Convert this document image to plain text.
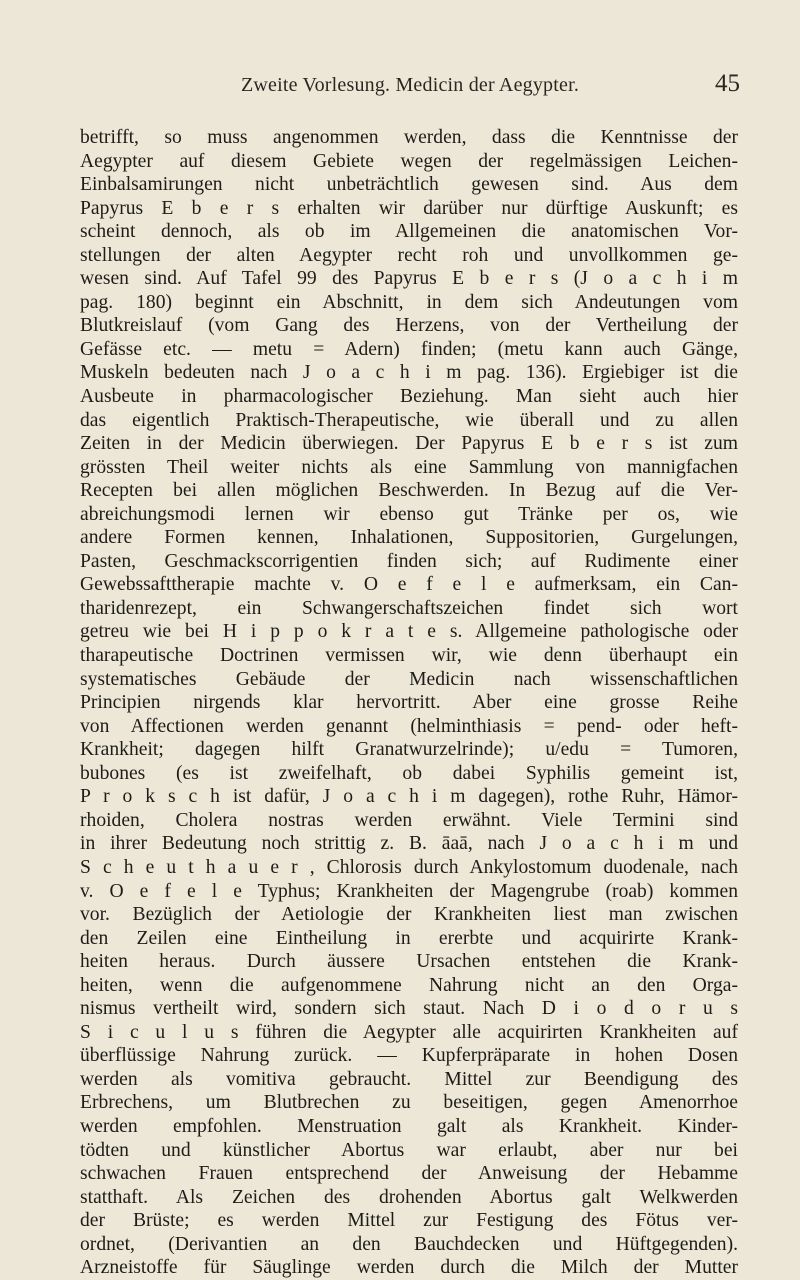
Zweite Vorlesung. Medicin der Aegypter.	45
betrifft, so muss angenommen werden, dass die Kenntnisse der
Aegypter auf diesem Gebiete wegen der regelmässigen Leichen-
Einbalsamirungen nicht unbeträchtlich gewesen sind. Aus dem
Papyrus E b e r s erhalten wir darüber nur dürftige Auskunft; es
scheint dennoch, als ob im Allgemeinen die anatomischen Vor-
stellungen der alten Aegypter recht roh und unvollkommen ge-
wesen sind. Auf Tafel 99 des Papyrus E b e r s (J o a c h i m
pag. 180) beginnt ein Abschnitt, in dem sich Andeutungen vom
Blutkreislauf (vom Gang des Herzens, von der Vertheilung der
Gefässe etc. — metu = Adern) finden; (metu kann auch Gänge,
Muskeln bedeuten nach J o a c h i m pag. 136). Ergiebiger ist die
Ausbeute in pharmacologischer Beziehung. Man sieht auch hier
das eigentlich Praktisch-Therapeutische, wie überall und zu allen
Zeiten in der Medicin überwiegen. Der Papyrus E b e r s ist zum
grössten Theil weiter nichts als eine Sammlung von mannigfachen
Recepten bei allen möglichen Beschwerden. In Bezug auf die Ver-
abreichungsmodi lernen wir ebenso gut Tränke per os, wie
andere Formen kennen, Inhalationen, Suppositorien, Gurgelungen,
Pasten, Geschmackscorrigentien finden sich; auf Rudimente einer
Gewebssafttherapie machte v. O e f e l e aufmerksam, ein Can-
tharidenrezept, ein Schwangerschaftszeichen findet sich wort
getreu wie bei H i p p o k r a t e s. Allgemeine pathologische oder
tharapeutische Doctrinen vermissen wir, wie denn überhaupt ein
systematisches Gebäude der Medicin nach wissenschaftlichen
Principien nirgends klar hervortritt. Aber eine grosse Reihe
von Affectionen werden genannt (helminthiasis = pend- oder heft-
Krankheit; dagegen hilft Granatwurzelrinde); u/edu = Tumoren,
bubones (es ist zweifelhaft, ob dabei Syphilis gemeint ist,
P r o k s c h ist dafür, J o a c h i m dagegen), rothe Ruhr, Hämor-
rhoiden, Cholera nostras werden erwähnt. Viele Termini sind
in ihrer Bedeutung noch strittig z. B. āaā, nach J o a c h i m und
S c h e u t h a u e r , Chlorosis durch Ankylostomum duodenale, nach
v. O e f e l e Typhus; Krankheiten der Magengrube (roab) kommen
vor. Bezüglich der Aetiologie der Krankheiten liest man zwischen
den Zeilen eine Eintheilung in ererbte und acquirirte Krank-
heiten heraus. Durch äussere Ursachen entstehen die Krank-
heiten, wenn die aufgenommene Nahrung nicht an den Orga-
nismus vertheilt wird, sondern sich staut. Nach D i o d o r u s
S i c u l u s führen die Aegypter alle acquirirten Krankheiten auf
überflüssige Nahrung zurück. — Kupferpräparate in hohen Dosen
werden als vomitiva gebraucht. Mittel zur Beendigung des
Erbrechens, um Blutbrechen zu beseitigen, gegen Amenorrhoe
werden empfohlen. Menstruation galt als Krankheit. Kinder-
tödten und künstlicher Abortus war erlaubt, aber nur bei
schwachen Frauen entsprechend der Anweisung der Hebamme
statthaft. Als Zeichen des drohenden Abortus galt Welkwerden
der Brüste; es werden Mittel zur Festigung des Fötus ver-
ordnet, (Derivantien an den Bauchdecken und Hüftgegenden).
Arzneistoffe für Säuglinge werden durch die Milch der Mutter
